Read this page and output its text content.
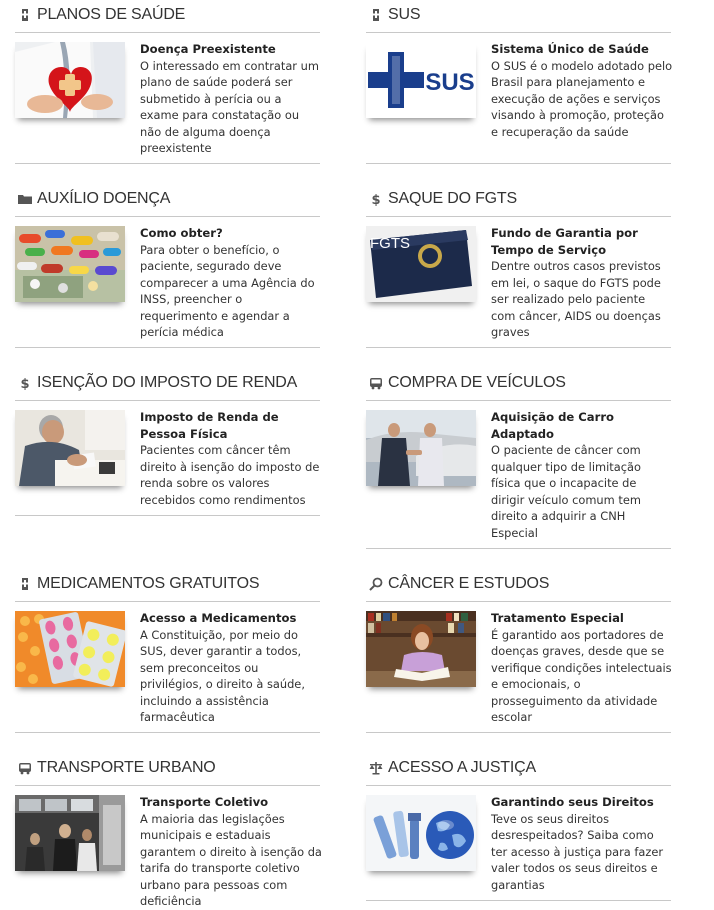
PLANOS DE SAÚDE
Doença Preexistente
O interessado em contratar um plano de saúde poderá ser submetido à perícia ou a exame para constatação ou não de alguma doença preexistente
AUXÍLIO DOENÇA
Como obter?
Para obter o benefício, o paciente, segurado deve comparecer a uma Agência do INSS, preencher o requerimento e agendar a perícia médica
$ ISENÇÃO DO IMPOSTO DE RENDA
Imposto de Renda de Pessoa Física
Pacientes com câncer têm direito à isenção do imposto de renda sobre os valores recebidos como rendimentos
MEDICAMENTOS GRATUITOS
Acesso a Medicamentos
A Constituição, por meio do SUS, dever garantir a todos, sem preconceitos ou privilégios, o direito à saúde, incluindo a assistência farmacêutica
TRANSPORTE URBANO
Transporte Coletivo
A maioria das legislações municipais e estaduais garantem o direito à isenção da tarifa do transporte coletivo urbano para pessoas com deficiência
SUS
SUS
Sistema Único de Saúde
O SUS é o modelo adotado pelo Brasil para planejamento e execução de ações e serviços visando à promoção, proteção e recuperação da saúde
$ SAQUE DO FGTS
FGTS
Fundo de Garantia por Tempo de Serviço
Dentre outros casos previstos em lei, o saque do FGTS pode ser realizado pelo paciente com câncer, AIDS ou doenças graves
COMPRA DE VEÍCULOS
Aquisição de Carro Adaptado
O paciente de câncer com qualquer tipo de limitação física que o incapacite de dirigir veículo comum tem direito a adquirir a CNH Especial
CÂNCER E ESTUDOS
Tratamento Especial
É garantido aos portadores de doenças graves, desde que se verifique condições intelectuais e emocionais, o prosseguimento da atividade escolar
ACESSO A JUSTIÇA
Garantindo seus Direitos
Teve os seus direitos desrespeitados? Saiba como ter acesso à justiça para fazer valer todos os seus direitos e garantias
